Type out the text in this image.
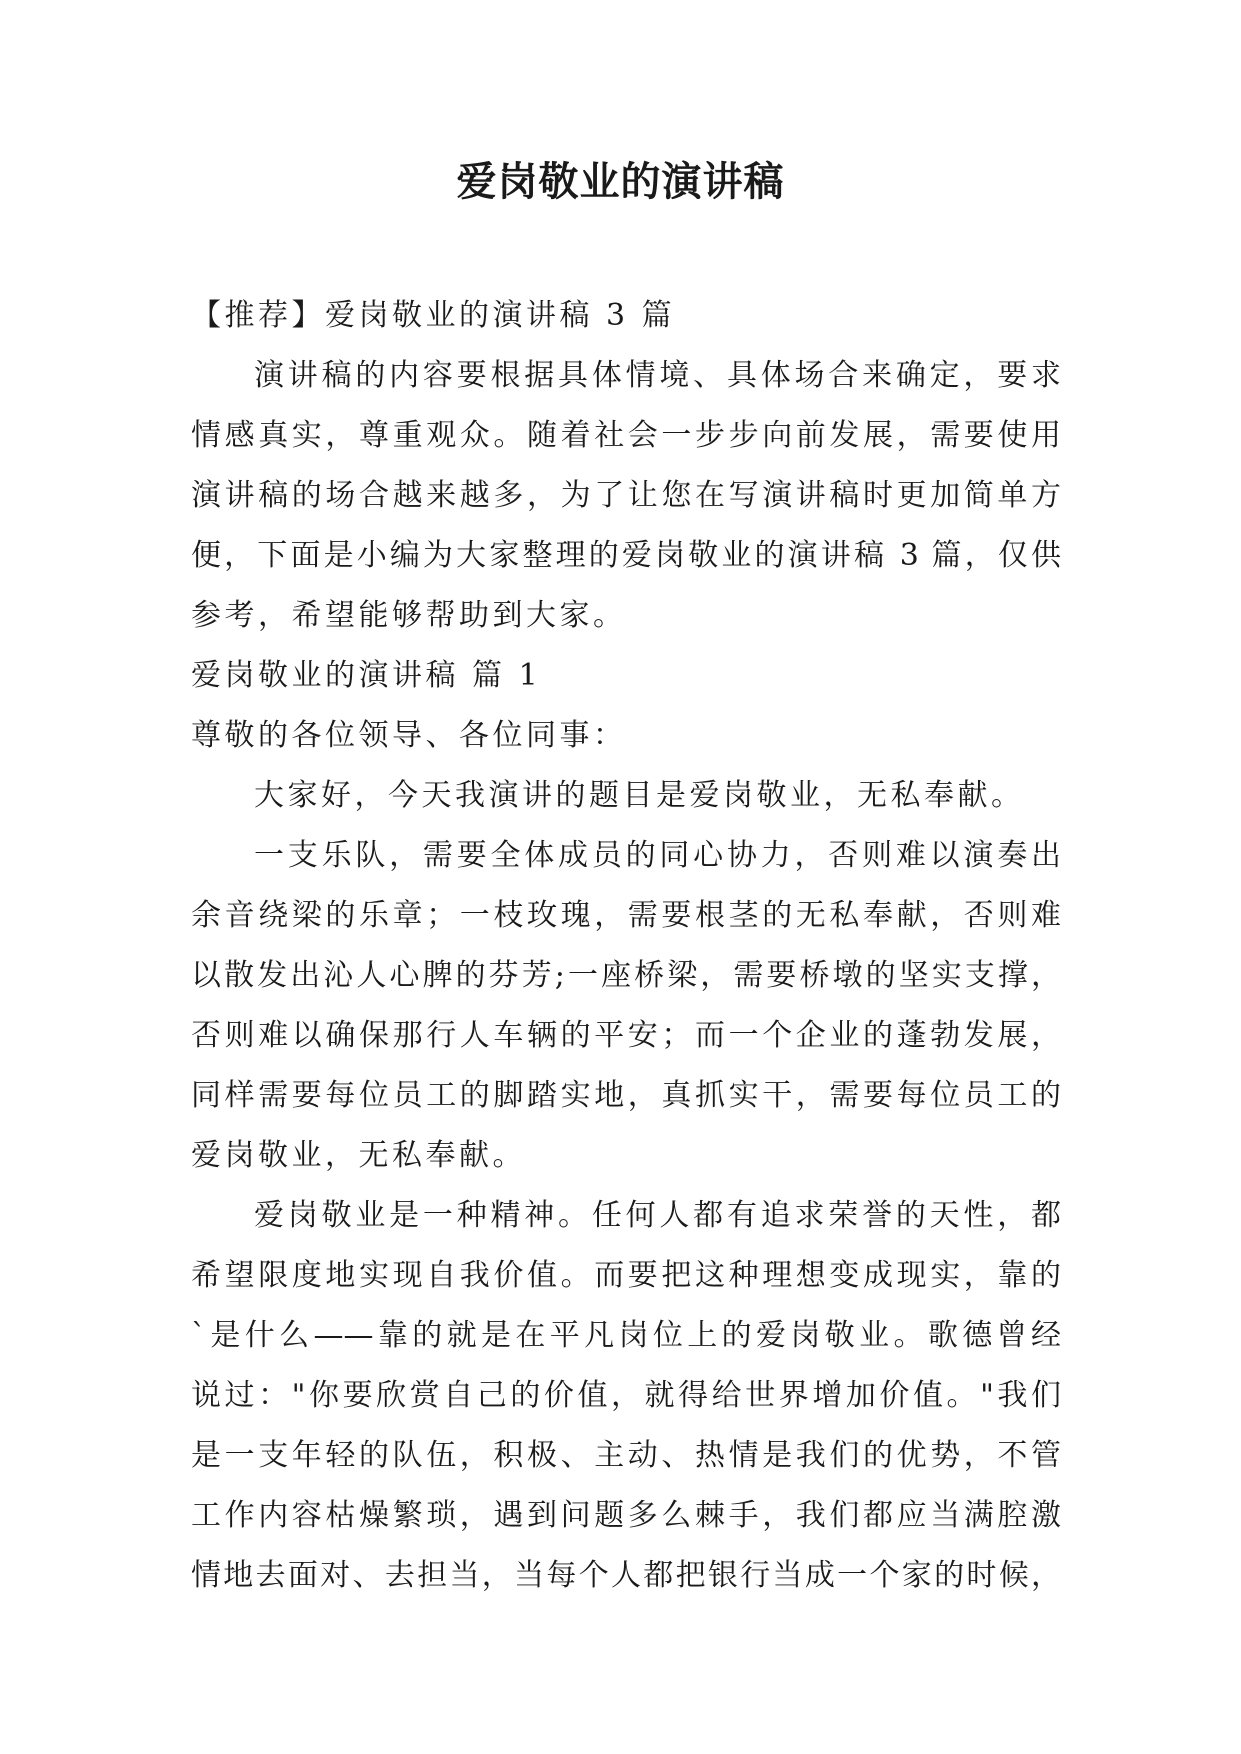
爱岗敬业的演讲稿
【推荐】爱岗敬业的演讲稿 3 篇
演讲稿的内容要根据具体情境、具体场合来确定，要求
情感真实，尊重观众。随着社会一步步向前发展，需要使用
演讲稿的场合越来越多，为了让您在写演讲稿时更加简单方
便，下面是小编为大家整理的爱岗敬业的演讲稿 3 篇，仅供
参考，希望能够帮助到大家。
爱岗敬业的演讲稿 篇 1
尊敬的各位领导、各位同事：
大家好，今天我演讲的题目是爱岗敬业，无私奉献。
一支乐队，需要全体成员的同心协力，否则难以演奏出
余音绕梁的乐章；一枝玫瑰，需要根茎的无私奉献，否则难
以散发出沁人心脾的芬芳;一座桥梁，需要桥墩的坚实支撑，
否则难以确保那行人车辆的平安；而一个企业的蓬勃发展，
同样需要每位员工的脚踏实地，真抓实干，需要每位员工的
爱岗敬业，无私奉献。
爱岗敬业是一种精神。任何人都有追求荣誉的天性，都
希望限度地实现自我价值。而要把这种理想变成现实，靠的
`是什么——靠的就是在平凡岗位上的爱岗敬业。歌德曾经
说过："你要欣赏自己的价值，就得给世界增加价值。"我们
是一支年轻的队伍，积极、主动、热情是我们的优势，不管
工作内容枯燥繁琐，遇到问题多么棘手，我们都应当满腔激
情地去面对、去担当，当每个人都把银行当成一个家的时候，
